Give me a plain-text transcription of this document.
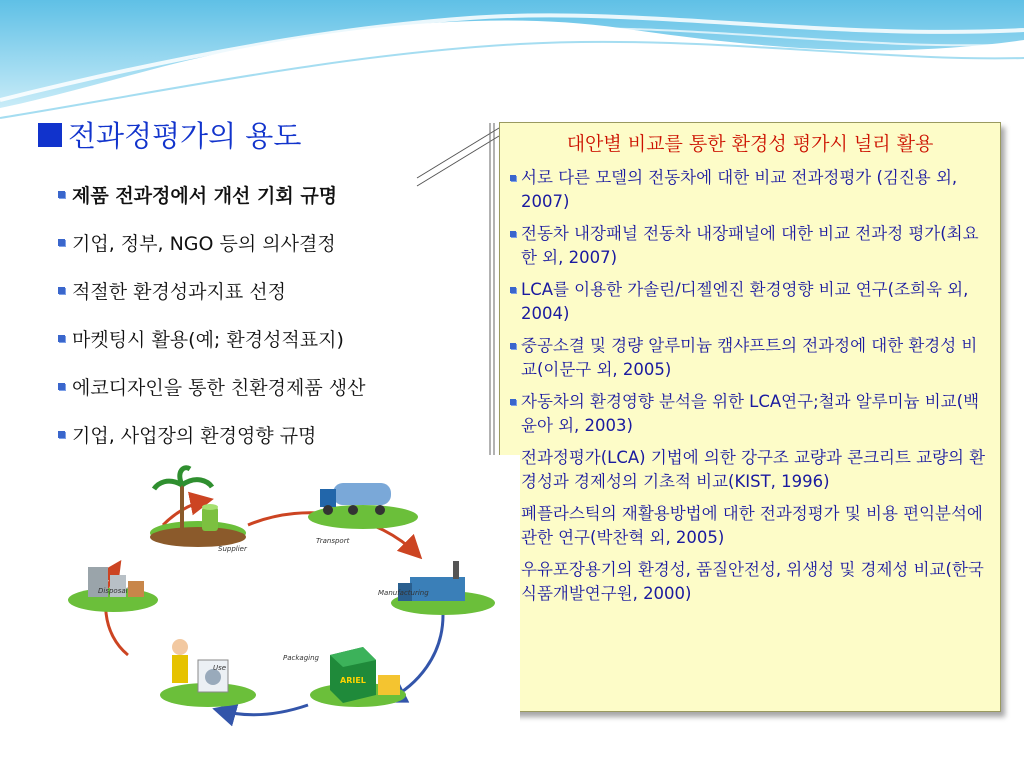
전과정평가의 용도
제품 전과정에서 개선 기회 규명
기업, 정부, NGO 등의 의사결정
적절한 환경성과지표 선정
마켓팅시 활용(예; 환경성적표지)
에코디자인을 통한 친환경제품 생산
기업, 사업장의 환경영향 규명
대안별 비교를 통한 환경성 평가시 널리 활용
서로 다른 모델의 전동차에 대한 비교 전과정평가 (김진용 외, 2007)
전동차 내장패널 전동차 내장패널에 대한 비교 전과정 평가(최요한 외, 2007)
LCA를 이용한 가솔린/디젤엔진 환경영향 비교 연구(조희욱 외, 2004)
중공소결 및 경량 알루미늄 캠샤프트의 전과정에 대한 환경성 비교(이문구 외, 2005)
자동차의 환경영향 분석을 위한 LCA연구;철과 알루미늄 비교(백윤아 외, 2003)
전과정평가(LCA) 기법에 의한 강구조 교량과 콘크리트 교량의 환경성과 경제성의 기초적 비교(KIST, 1996)
폐플라스틱의 재활용방법에 대한 전과정평가 및 비용 편익분석에 관한 연구(박찬혁 외, 2005)
우유포장용기의 환경성, 품질안전성, 위생성 및 경제성 비교(한국식품개발연구원, 2000)
ARIEL
Supplier
Transport
Manufacturing
Packaging
Use
Disposal
